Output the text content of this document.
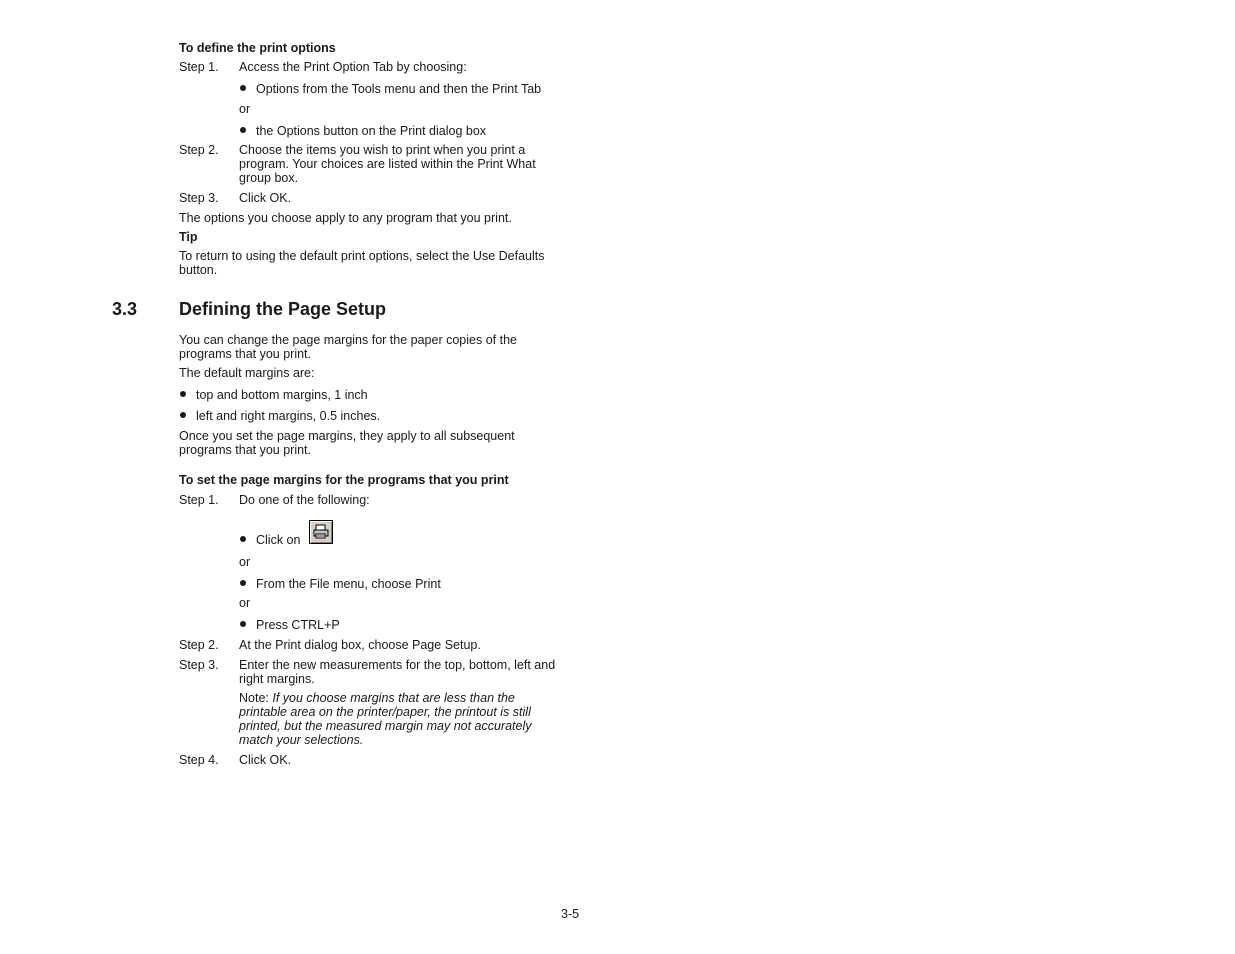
To define the print options
Step 1. Access the Print Option Tab by choosing:
Options from the Tools menu and then the Print Tab
or
the Options button on the Print dialog box
Step 2. Choose the items you wish to print when you print a
program. Your choices are listed within the Print What
group box.
Step 3. Click OK.
The options you choose apply to any program that you print.
Tip
To return to using the default print options, select the Use Defaults
button.
3.3 Defining the Page Setup
You can change the page margins for the paper copies of the
programs that you print.
The default margins are:
top and bottom margins, 1 inch
left and right margins, 0.5 inches.
Once you set the page margins, they apply to all subsequent
programs that you print.
To set the page margins for the programs that you print
Step 1. Do one of the following:
Click on
or
From the File menu, choose Print
or
Press CTRL+P
Step 2. At the Print dialog box, choose Page Setup.
Step 3. Enter the new measurements for the top, bottom, left and
right margins.
Note: If you choose margins that are less than the
printable area on the printer/paper, the printout is still
printed, but the measured margin may not accurately
match your selections.
Step 4. Click OK.
3-5
